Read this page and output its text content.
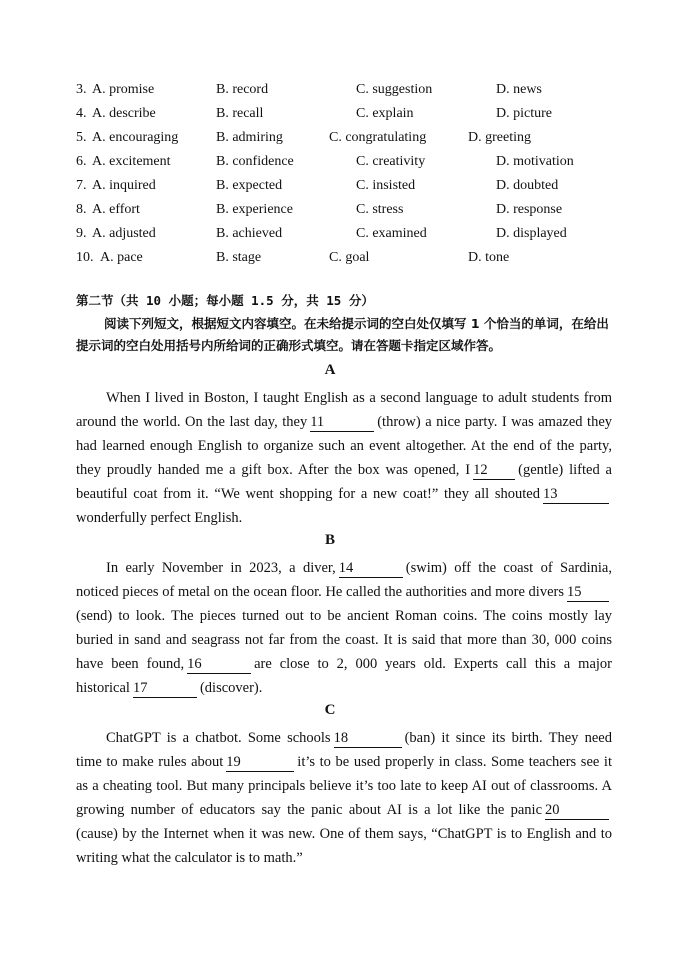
3. A. promise	B. record	C. suggestion	D. news
4. A. describe	B. recall	C. explain	D. picture
5. A. encouraging	B. admiring	C. congratulating	D. greeting
6. A. excitement	B. confidence	C. creativity	D. motivation
7. A. inquired	B. expected	C. insisted	D. doubted
8. A. effort	B. experience	C. stress	D. response
9. A. adjusted	B. achieved	C. examined	D. displayed
10. A. pace	B. stage	C. goal	D. tone
第二节（共 10 小题；每小题 1.5 分，共 15 分）
阅读下列短文，根据短文内容填空。在未给提示词的空白处仅填写 1 个恰当的单词，在给出提示词的空白处用括号内所给词的正确形式填空。请在答题卡指定区域作答。
A
When I lived in Boston, I taught English as a second language to adult students from around the world. On the last day, they 11	(throw) a nice party. I was amazed they had learned enough English to organize such an event altogether. At the end of the party, they proudly handed me a gift box. After the box was opened, I 12 (gentle) lifted a beautiful coat from it. “We went shopping for a new coat!” they all shouted 13wonderfully perfect English.
B
In early November in 2023, a diver, 14	(swim) off the coast of Sardinia, noticed pieces of metal on the ocean floor. He called the authorities and more divers 15(send) to look. The pieces turned out to be ancient Roman coins. The coins mostly lay buried in sand and seagrass not far from the coast. It is said that more than 30, 000 coins have been found, 16	are close to 2, 000 years old. Experts call this a major historical 17	(discover).
C
ChatGPT is a chatbot. Some schools 18	(ban) it since its birth. They need time to make rules about 19	it’s to be used properly in class. Some teachers see it as a cheating tool. But many principals believe it’s too late to keep AI out of classrooms. A growing number of educators say the panic about AI is a lot like the panic 20(cause) by the Internet when it was new. One of them says, “ChatGPT is to English and to writing what the calculator is to math.”
